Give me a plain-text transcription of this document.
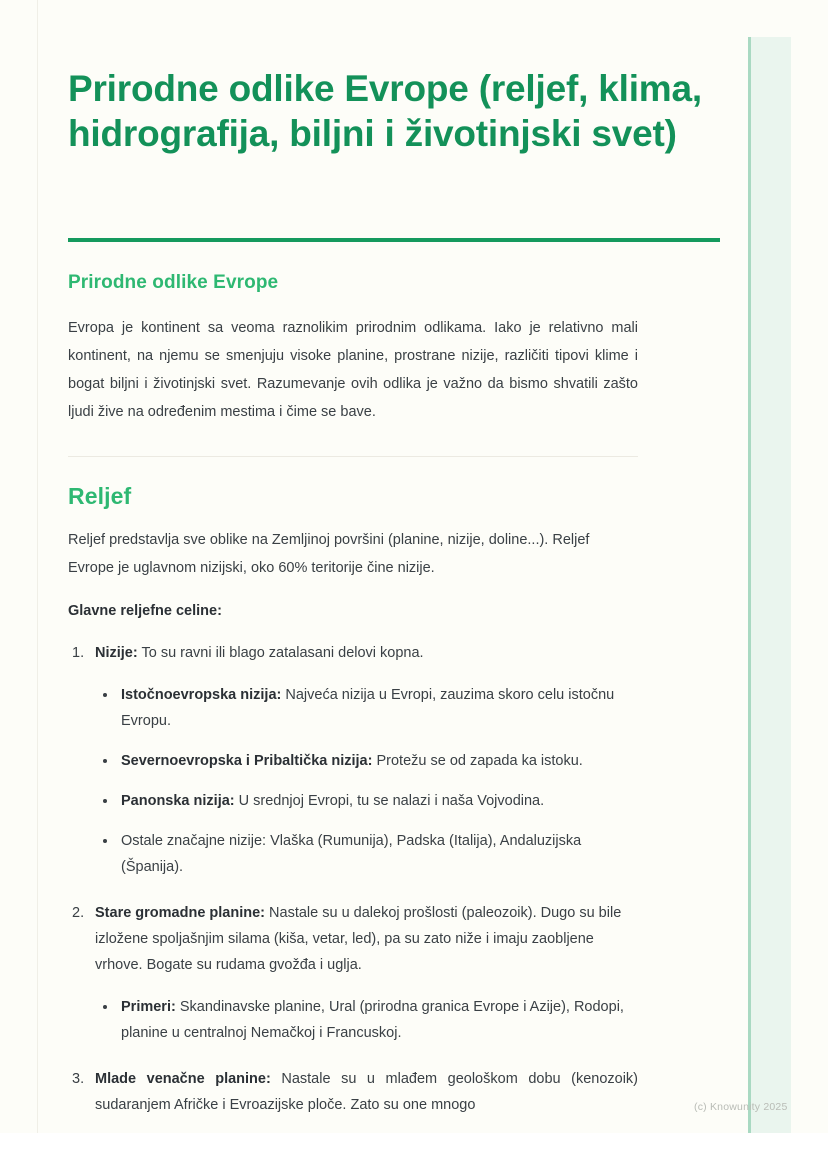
Prirodne odlike Evrope (reljef, klima, hidrografija, biljni i životinjski svet)
Prirodne odlike Evrope

Evropa je kontinent sa veoma raznolikim prirodnim odlikama. Iako je relativno mali kontinent, na njemu se smenjuju visoke planine, prostrane nizije, različiti tipovi klime i bogat biljni i životinjski svet. Razumevanje ovih odlika je važno da bismo shvatili zašto ljudi žive na određenim mestima i čime se bave.

Reljef

Reljef predstavlja sve oblike na Zemljinoj površini (planine, nizije, doline...). Reljef Evrope je uglavnom nizijski, oko 60% teritorije čine nizije.

Glavne reljefne celine:

Nizije: To su ravni ili blago zatalasani delovi kopna.
Istočnoevropska nizija: Najveća nizija u Evropi, zauzima skoro celu istočnu Evropu.
Severnoevropska i Pribaltička nizija: Protežu se od zapada ka istoku.
Panonska nizija: U srednjoj Evropi, tu se nalazi i naša Vojvodina.
Ostale značajne nizije: Vlaška (Rumunija), Padska (Italija), Andaluzijska (Španija).
Stare gromadne planine: Nastale su u dalekoj prošlosti (paleozoik). Dugo su bile izložene spoljašnjim silama (kiša, vetar, led), pa su zato niže i imaju zaobljene vrhove. Bogate su rudama gvožđa i uglja.
Primeri: Skandinavske planine, Ural (prirodna granica Evrope i Azije), Rodopi, planine u centralnoj Nemačkoj i Francuskoj.
Mlade venačne planine: Nastale su u mlađem geološkom dobu (kenozoik) sudaranjem Afričke i Evroazijske ploče. Zato su one mnogo	(c) Knowunity 2025
